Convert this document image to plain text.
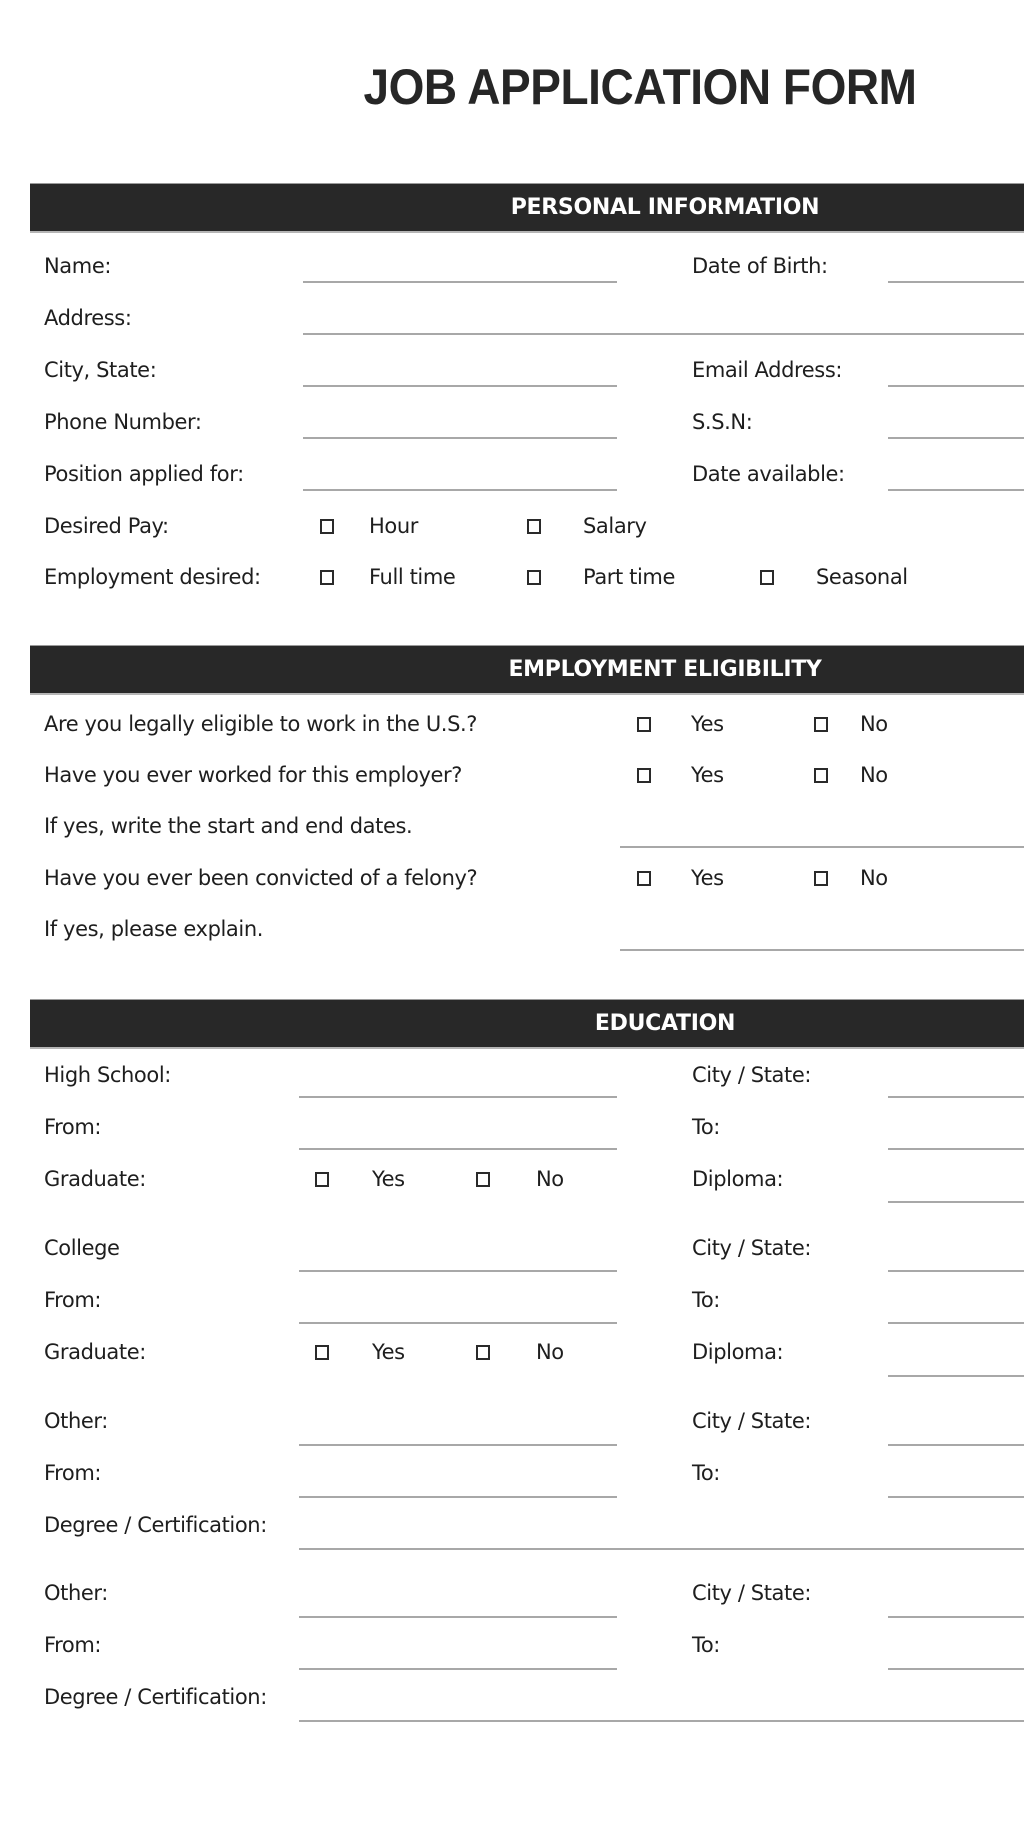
JOB APPLICATION FORM
PERSONAL INFORMATION
Name:	Date of Birth:
Address:
City, State:	Email Address:
Phone Number:	S.S.N:
Position applied for:	Date available:
Desired Pay:	Hour	Salary
Employment desired:	Full time	Part time	Seasonal
EMPLOYMENT ELIGIBILITY
Are you legally eligible to work in the U.S.?	Yes	No
Have you ever worked for this employer?	Yes	No
If yes, write the start and end dates.
Have you ever been convicted of a felony?	Yes	No
If yes, please explain.
EDUCATION
High School:	City / State:
From:	To:
Graduate:	Yes	No	Diploma:
College	City / State:
From:	To:
Graduate:	Yes	No	Diploma:
Other:	City / State:
From:	To:
Degree / Certification:
Other:	City / State:
From:	To:
Degree / Certification:
